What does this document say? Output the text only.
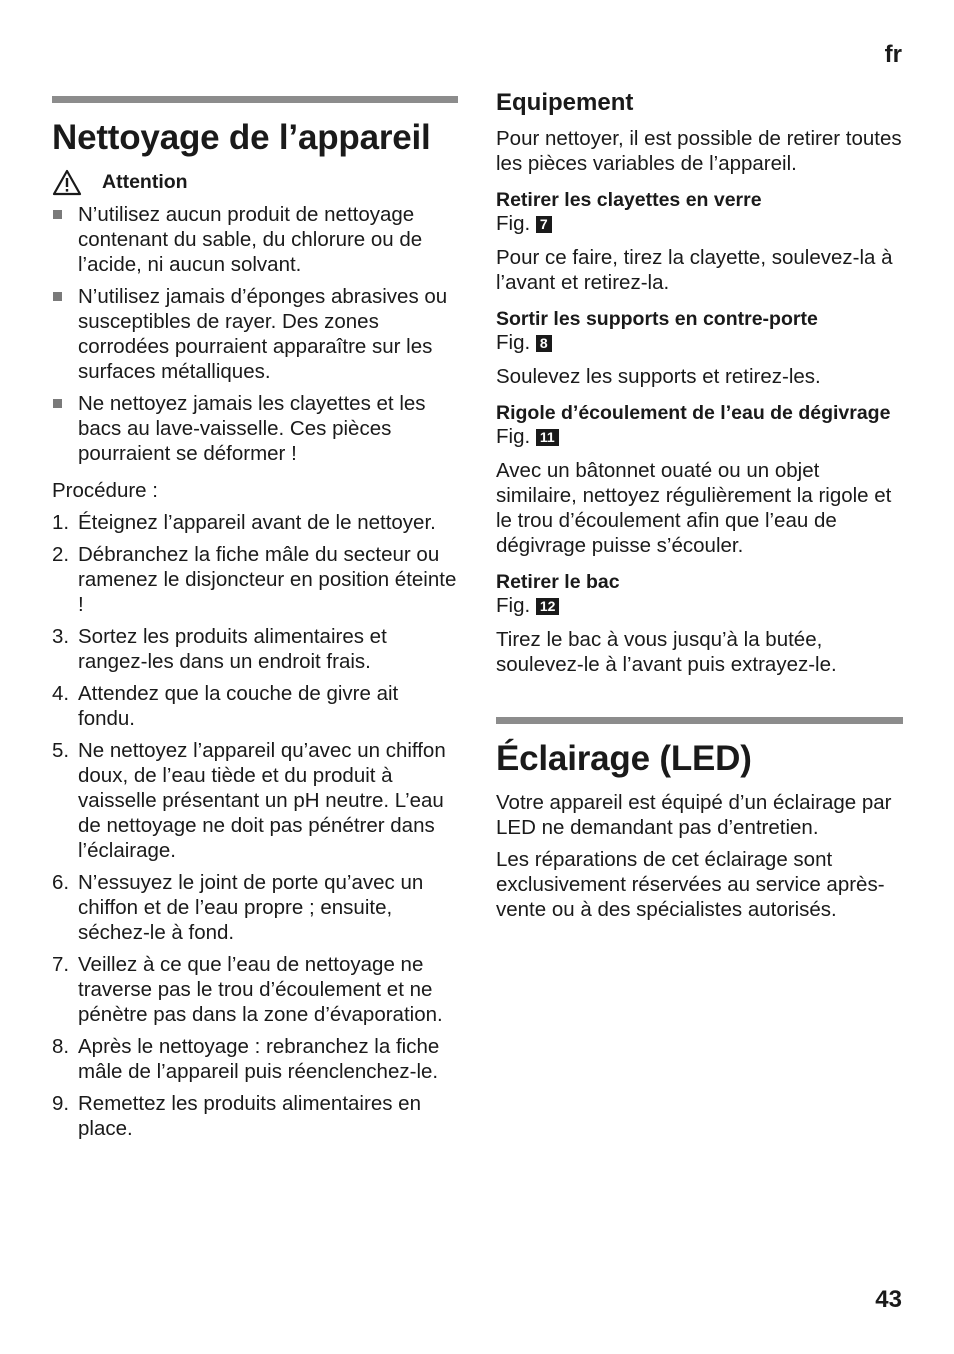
fr
Nettoyage de l’appareil
Attention
N’utilisez aucun produit de nettoyage contenant du sable, du chlorure ou de l’acide, ni aucun solvant.
N’utilisez jamais d’éponges abrasives ou susceptibles de rayer. Des zones corrodées pourraient apparaître sur les surfaces métalliques.
Ne nettoyez jamais les clayettes et les bacs au lave-vaisselle. Ces pièces pourraient se déformer !

Procédure :

1. Éteignez l’appareil avant de le nettoyer.
2. Débranchez la fiche mâle du secteur ou ramenez le disjoncteur en position éteinte !
3. Sortez les produits alimentaires et rangez-les dans un endroit frais.
4. Attendez que la couche de givre ait fondu.
5. Ne nettoyez l’appareil qu’avec un chiffon doux, de l’eau tiède et du produit à vaisselle présentant un pH neutre. L’eau de nettoyage ne doit pas pénétrer dans l’éclairage.
6. N’essuyez le joint de porte qu’avec un chiffon et de l’eau propre ; ensuite, séchez-le à fond.
7. Veillez à ce que l’eau de nettoyage ne traverse pas le trou d’écoulement et ne pénètre pas dans la zone d’évaporation.
8. Après le nettoyage : rebranchez la fiche mâle de l’appareil puis réenclenchez-le.
9. Remettez les produits alimentaires en place.
Equipement

Pour nettoyer, il est possible de retirer toutes les pièces variables de l’appareil.

Retirer les clayettes en verre
Fig. 7

Pour ce faire, tirez la clayette, soulevez-la à l’avant et retirez-la.

Sortir les supports en contre-porte
Fig. 8

Soulevez les supports et retirez-les.

Rigole d’écoulement de l’eau de dégivrage
Fig. 11

Avec un bâtonnet ouaté ou un objet similaire, nettoyez régulièrement la rigole et le trou d’écoulement afin que l’eau de dégivrage puisse s’écouler.

Retirer le bac
Fig. 12

Tirez le bac à vous jusqu’à la butée, soulevez-le à l’avant puis extrayez-le.

Éclairage (LED)

Votre appareil est équipé d’un éclairage par LED ne demandant pas d’entretien.

Les réparations de cet éclairage sont exclusivement réservées au service après-vente ou à des spécialistes autorisés.

43
